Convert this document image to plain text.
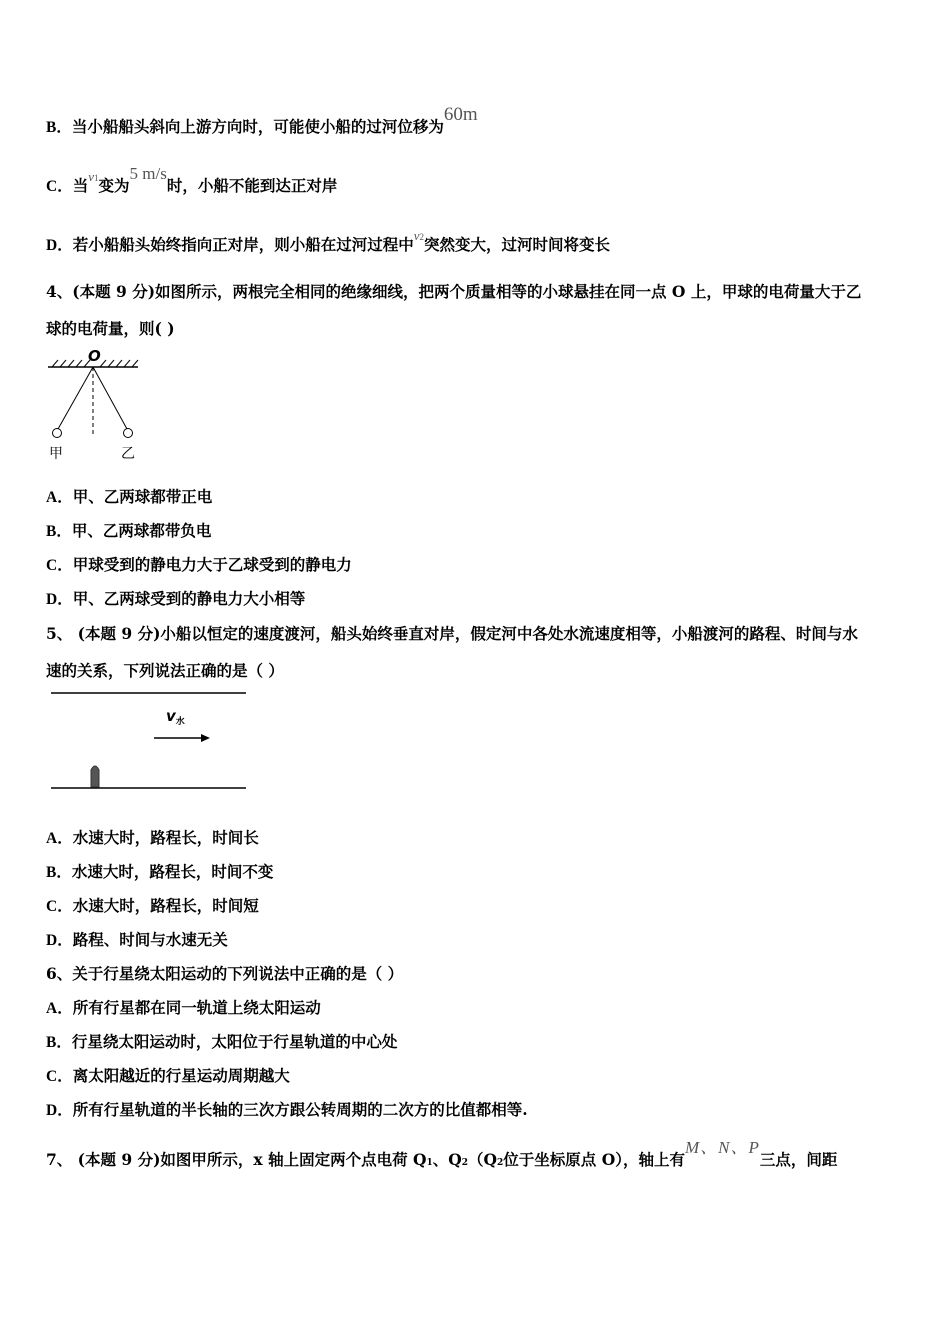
B．当小船船头斜向上游方向时，可能使小船的过河位移为60m
C．当$^{v1}$变为5 m/s时，小船不能到达正对岸
D．若小船船头始终指向正对岸，则小船在过河过程中$^{v2}$突然变大，过河时间将变长
4、(本题 9 分)如图所示，两根完全相同的绝缘细线，把两个质量相等的小球悬挂在同一点 O 上，甲球的电荷量大于乙
球的电荷量，则( )
O
甲	乙
A．甲、乙两球都带正电
B．甲、乙两球都带负电
C．甲球受到的静电力大于乙球受到的静电力
D．甲、乙两球受到的静电力大小相等
5、 (本题 9 分)小船以恒定的速度渡河，船头始终垂直对岸，假定河中各处水流速度相等，小船渡河的路程、时间与水
速的关系，下列说法正确的是（ ）
$v_水$
A．水速大时，路程长，时间长
B．水速大时，路程长，时间不变
C．水速大时，路程长，时间短
D．路程、时间与水速无关
6、关于行星绕太阳运动的下列说法中正确的是（ ）
A．所有行星都在同一轨道上绕太阳运动
B．行星绕太阳运动时，太阳位于行星轨道的中心处
C．离太阳越近的行星运动周期越大
D．所有行星轨道的半长轴的三次方跟公转周期的二次方的比值都相等.
7、 (本题 9 分)如图甲所示，x 轴上固定两个点电荷 Q1、Q2（Q2位于坐标原点 O），轴上有M、N、P三点，间距
